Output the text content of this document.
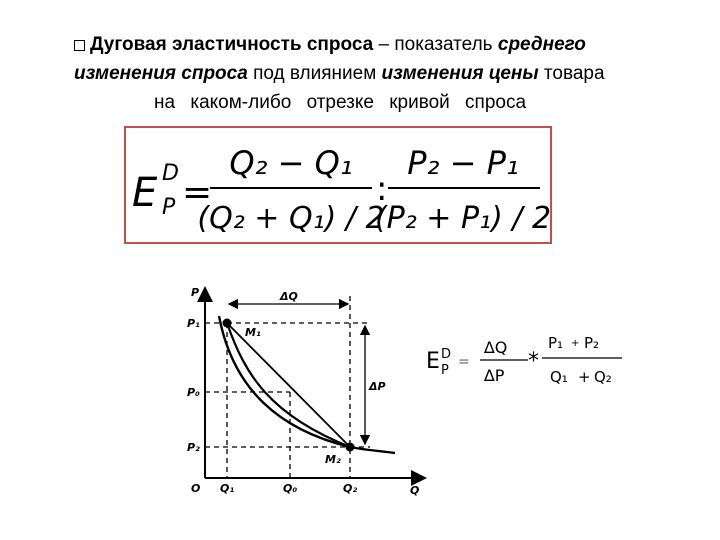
Дуговая эластичность спроса – показатель среднего
изменения спроса под влиянием изменения цены товара
на каком-либо отрезке кривой спроса
E D
P =
Q₂ − Q₁
(Q₂ + Q₁) / 2
:
P₂ − P₁
(P₂ + P₁) / 2
P
Q
O
P₁
P₀
P₂
Q₁	Q₀	Q₂
M₁
M₂
ΔQ
ΔP
E D
P
=
∆Q
∆P
*
P₁ + P₂
Q₁ + Q₂
